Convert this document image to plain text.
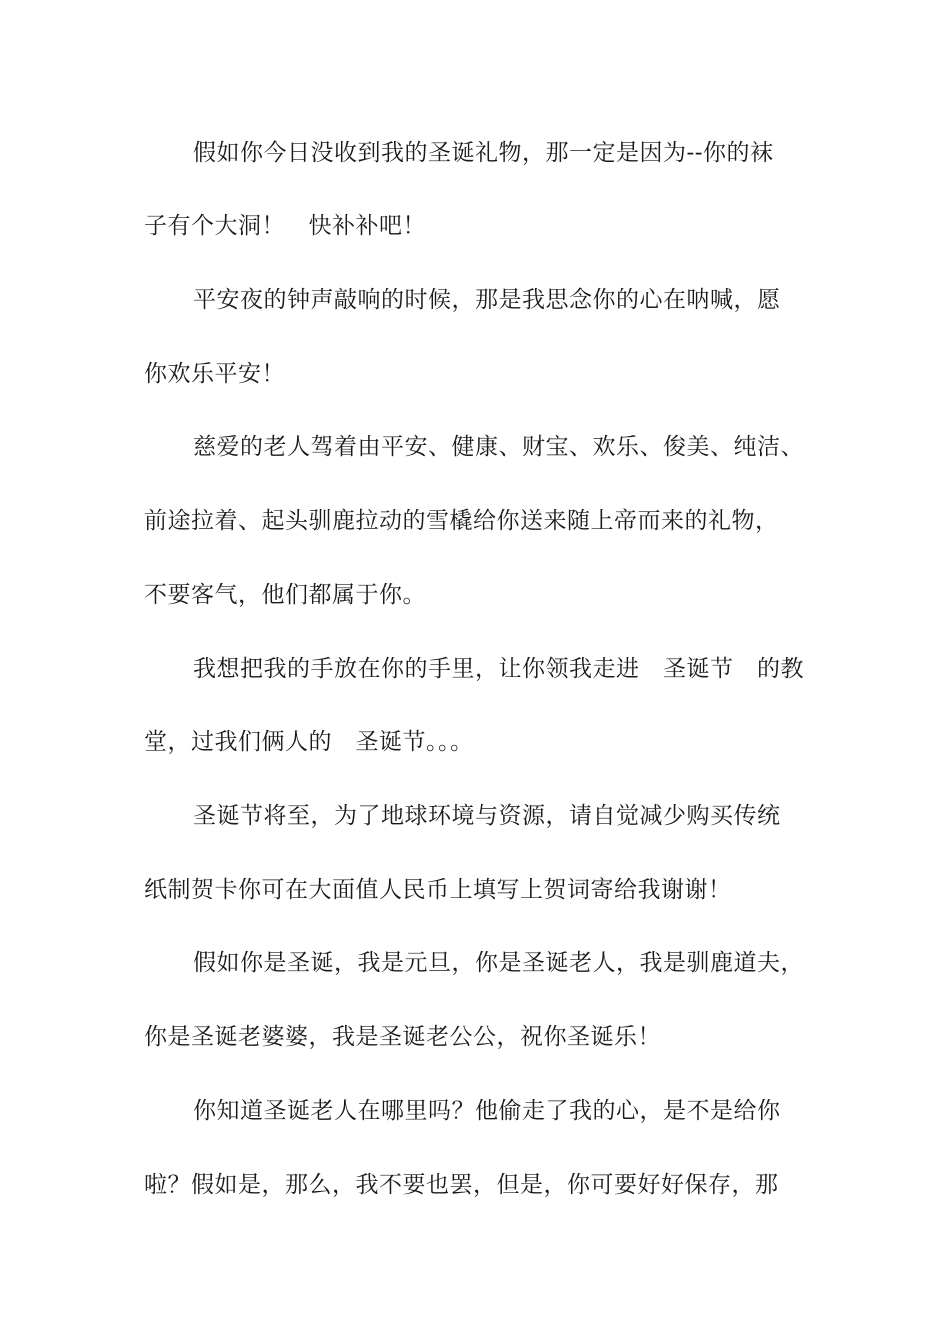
假如你今日没收到我的圣诞礼物，那一定是因为--你的袜

子有个大洞！　快补补吧！

平安夜的钟声敲响的时候，那是我思念你的心在呐喊，愿

你欢乐平安！

慈爱的老人驾着由平安、健康、财宝、欢乐、俊美、纯洁、

前途拉着、起头驯鹿拉动的雪橇给你送来随上帝而来的礼物，

不要客气，他们都属于你。

我想把我的手放在你的手里，让你领我走进　圣诞节　的教

堂，过我们俩人的　圣诞节。。。

圣诞节将至，为了地球环境与资源，请自觉减少购买传统

纸制贺卡你可在大面值人民币上填写上贺词寄给我谢谢！

假如你是圣诞，我是元旦，你是圣诞老人，我是驯鹿道夫，

你是圣诞老婆婆，我是圣诞老公公，祝你圣诞乐！

你知道圣诞老人在哪里吗？他偷走了我的心，是不是给你

啦？假如是，那么，我不要也罢，但是，你可要好好保存，那
